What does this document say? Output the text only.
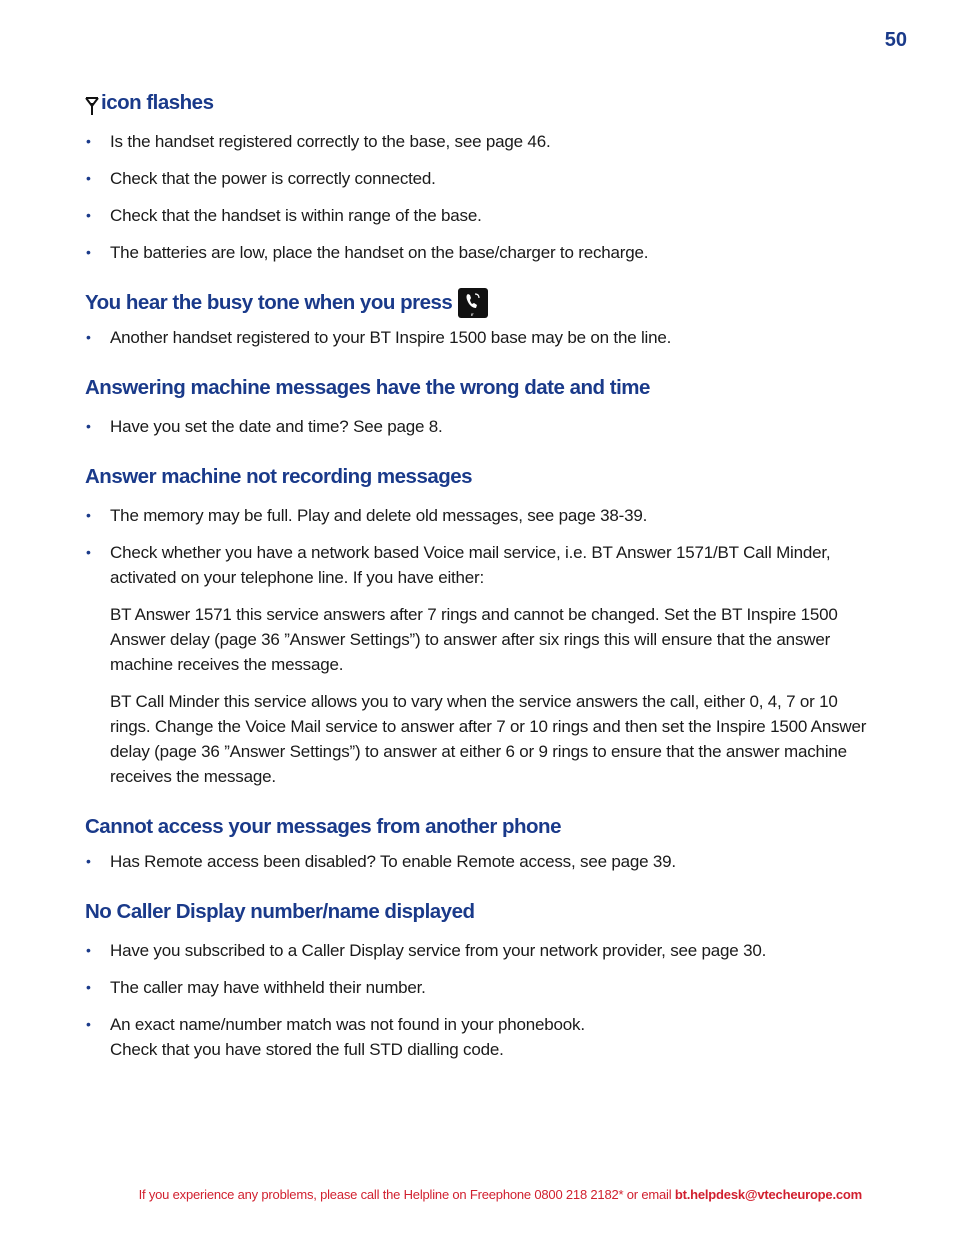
50
icon flashes
• Is the handset registered correctly to the base, see page 46.
• Check that the power is correctly connected.
• Check that the handset is within range of the base.
• The batteries are low, place the handset on the base/charger to recharge.
You hear the busy tone when you press ᵣ
• Another handset registered to your BT Inspire 1500 base may be on the line.
Answering machine messages have the wrong date and time
• Have you set the date and time? See page 8.
Answer machine not recording messages
• The memory may be full. Play and delete old messages, see page 38-39.
• Check whether you have a network based Voice mail service, i.e. BT Answer 1571/BT Call Minder, activated on your telephone line. If you have either:

BT Answer 1571 this service answers after 7 rings and cannot be changed. Set the BT Inspire 1500 Answer delay (page 36 ”Answer Settings”) to answer after six rings this will ensure that the answer machine receives the message.

BT Call Minder this service allows you to vary when the service answers the call, either 0, 4, 7 or 10 rings. Change the Voice Mail service to answer after 7 or 10 rings and then set the Inspire 1500 Answer delay (page 36 ”Answer Settings”) to answer at either 6 or 9 rings to ensure that the answer machine receives the message.

Cannot access your messages from another phone
• Has Remote access been disabled? To enable Remote access, see page 39.
No Caller Display number/name displayed
• Have you subscribed to a Caller Display service from your network provider, see page 30.
• The caller may have withheld their number.
• An exact name/number match was not found in your phonebook.
Check that you have stored the full STD dialling code.
If you experience any problems, please call the Helpline on Freephone 0800 218 2182* or email bt.helpdesk@vtecheurope.com
